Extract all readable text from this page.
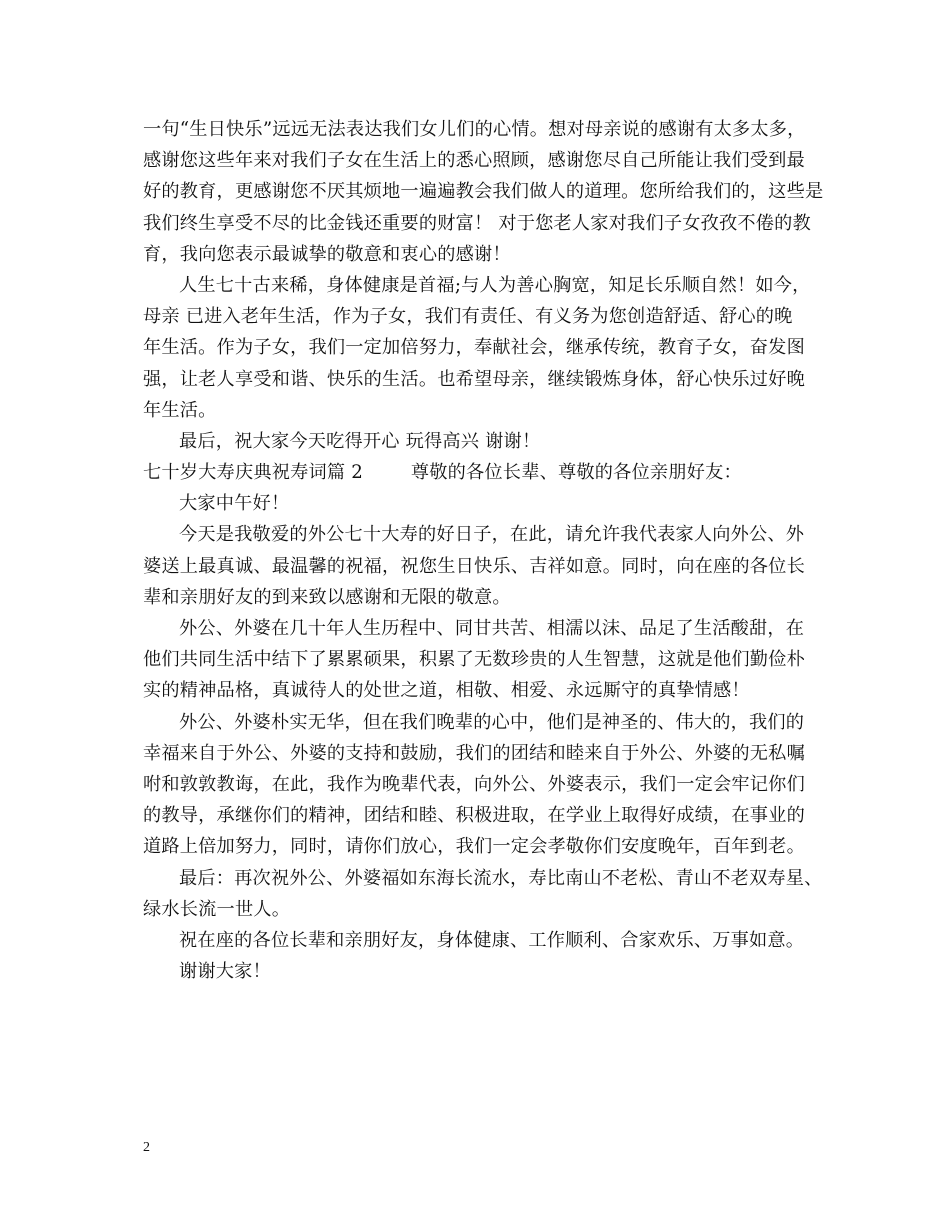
一句“生日快乐”远远无法表达我们女儿们的心情。想对母亲说的感谢有太多太多，
感谢您这些年来对我们子女在生活上的悉心照顾，感谢您尽自己所能让我们受到最
好的教育，更感谢您不厌其烦地一遍遍教会我们做人的道理。您所给我们的，这些是
我们终生享受不尽的比金钱还重要的财富！ 对于您老人家对我们子女孜孜不倦的教
育，我向您表示最诚挚的敬意和衷心的感谢！
人生七十古来稀，身体健康是首福;与人为善心胸宽，知足长乐顺自然！如今，
母亲 已进入老年生活，作为子女，我们有责任、有义务为您创造舒适、舒心的晚
年生活。作为子女，我们一定加倍努力，奉献社会，继承传统，教育子女，奋发图
强，让老人享受和谐、快乐的生活。也希望母亲，继续锻炼身体，舒心快乐过好晚
年生活。
最后，祝大家今天吃得开心 玩得高兴 谢谢！
七十岁大寿庆典祝寿词篇 2        尊敬的各位长辈、尊敬的各位亲朋好友：
大家中午好！
今天是我敬爱的外公七十大寿的好日子，在此，请允许我代表家人向外公、外
婆送上最真诚、最温馨的祝福，祝您生日快乐、吉祥如意。同时，向在座的各位长
辈和亲朋好友的到来致以感谢和无限的敬意。
外公、外婆在几十年人生历程中、同甘共苦、相濡以沫、品足了生活酸甜，在
他们共同生活中结下了累累硕果，积累了无数珍贵的人生智慧，这就是他们勤俭朴
实的精神品格，真诚待人的处世之道，相敬、相爱、永远厮守的真挚情感！
外公、外婆朴实无华，但在我们晚辈的心中，他们是神圣的、伟大的，我们的
幸福来自于外公、外婆的支持和鼓励，我们的团结和睦来自于外公、外婆的无私嘱
咐和敦敦教诲，在此，我作为晚辈代表，向外公、外婆表示，我们一定会牢记你们
的教导，承继你们的精神，团结和睦、积极进取，在学业上取得好成绩，在事业的
道路上倍加努力，同时，请你们放心，我们一定会孝敬你们安度晚年，百年到老。
最后：再次祝外公、外婆福如东海长流水，寿比南山不老松、青山不老双寿星、
绿水长流一世人。
祝在座的各位长辈和亲朋好友，身体健康、工作顺利、合家欢乐、万事如意。
谢谢大家！
2
